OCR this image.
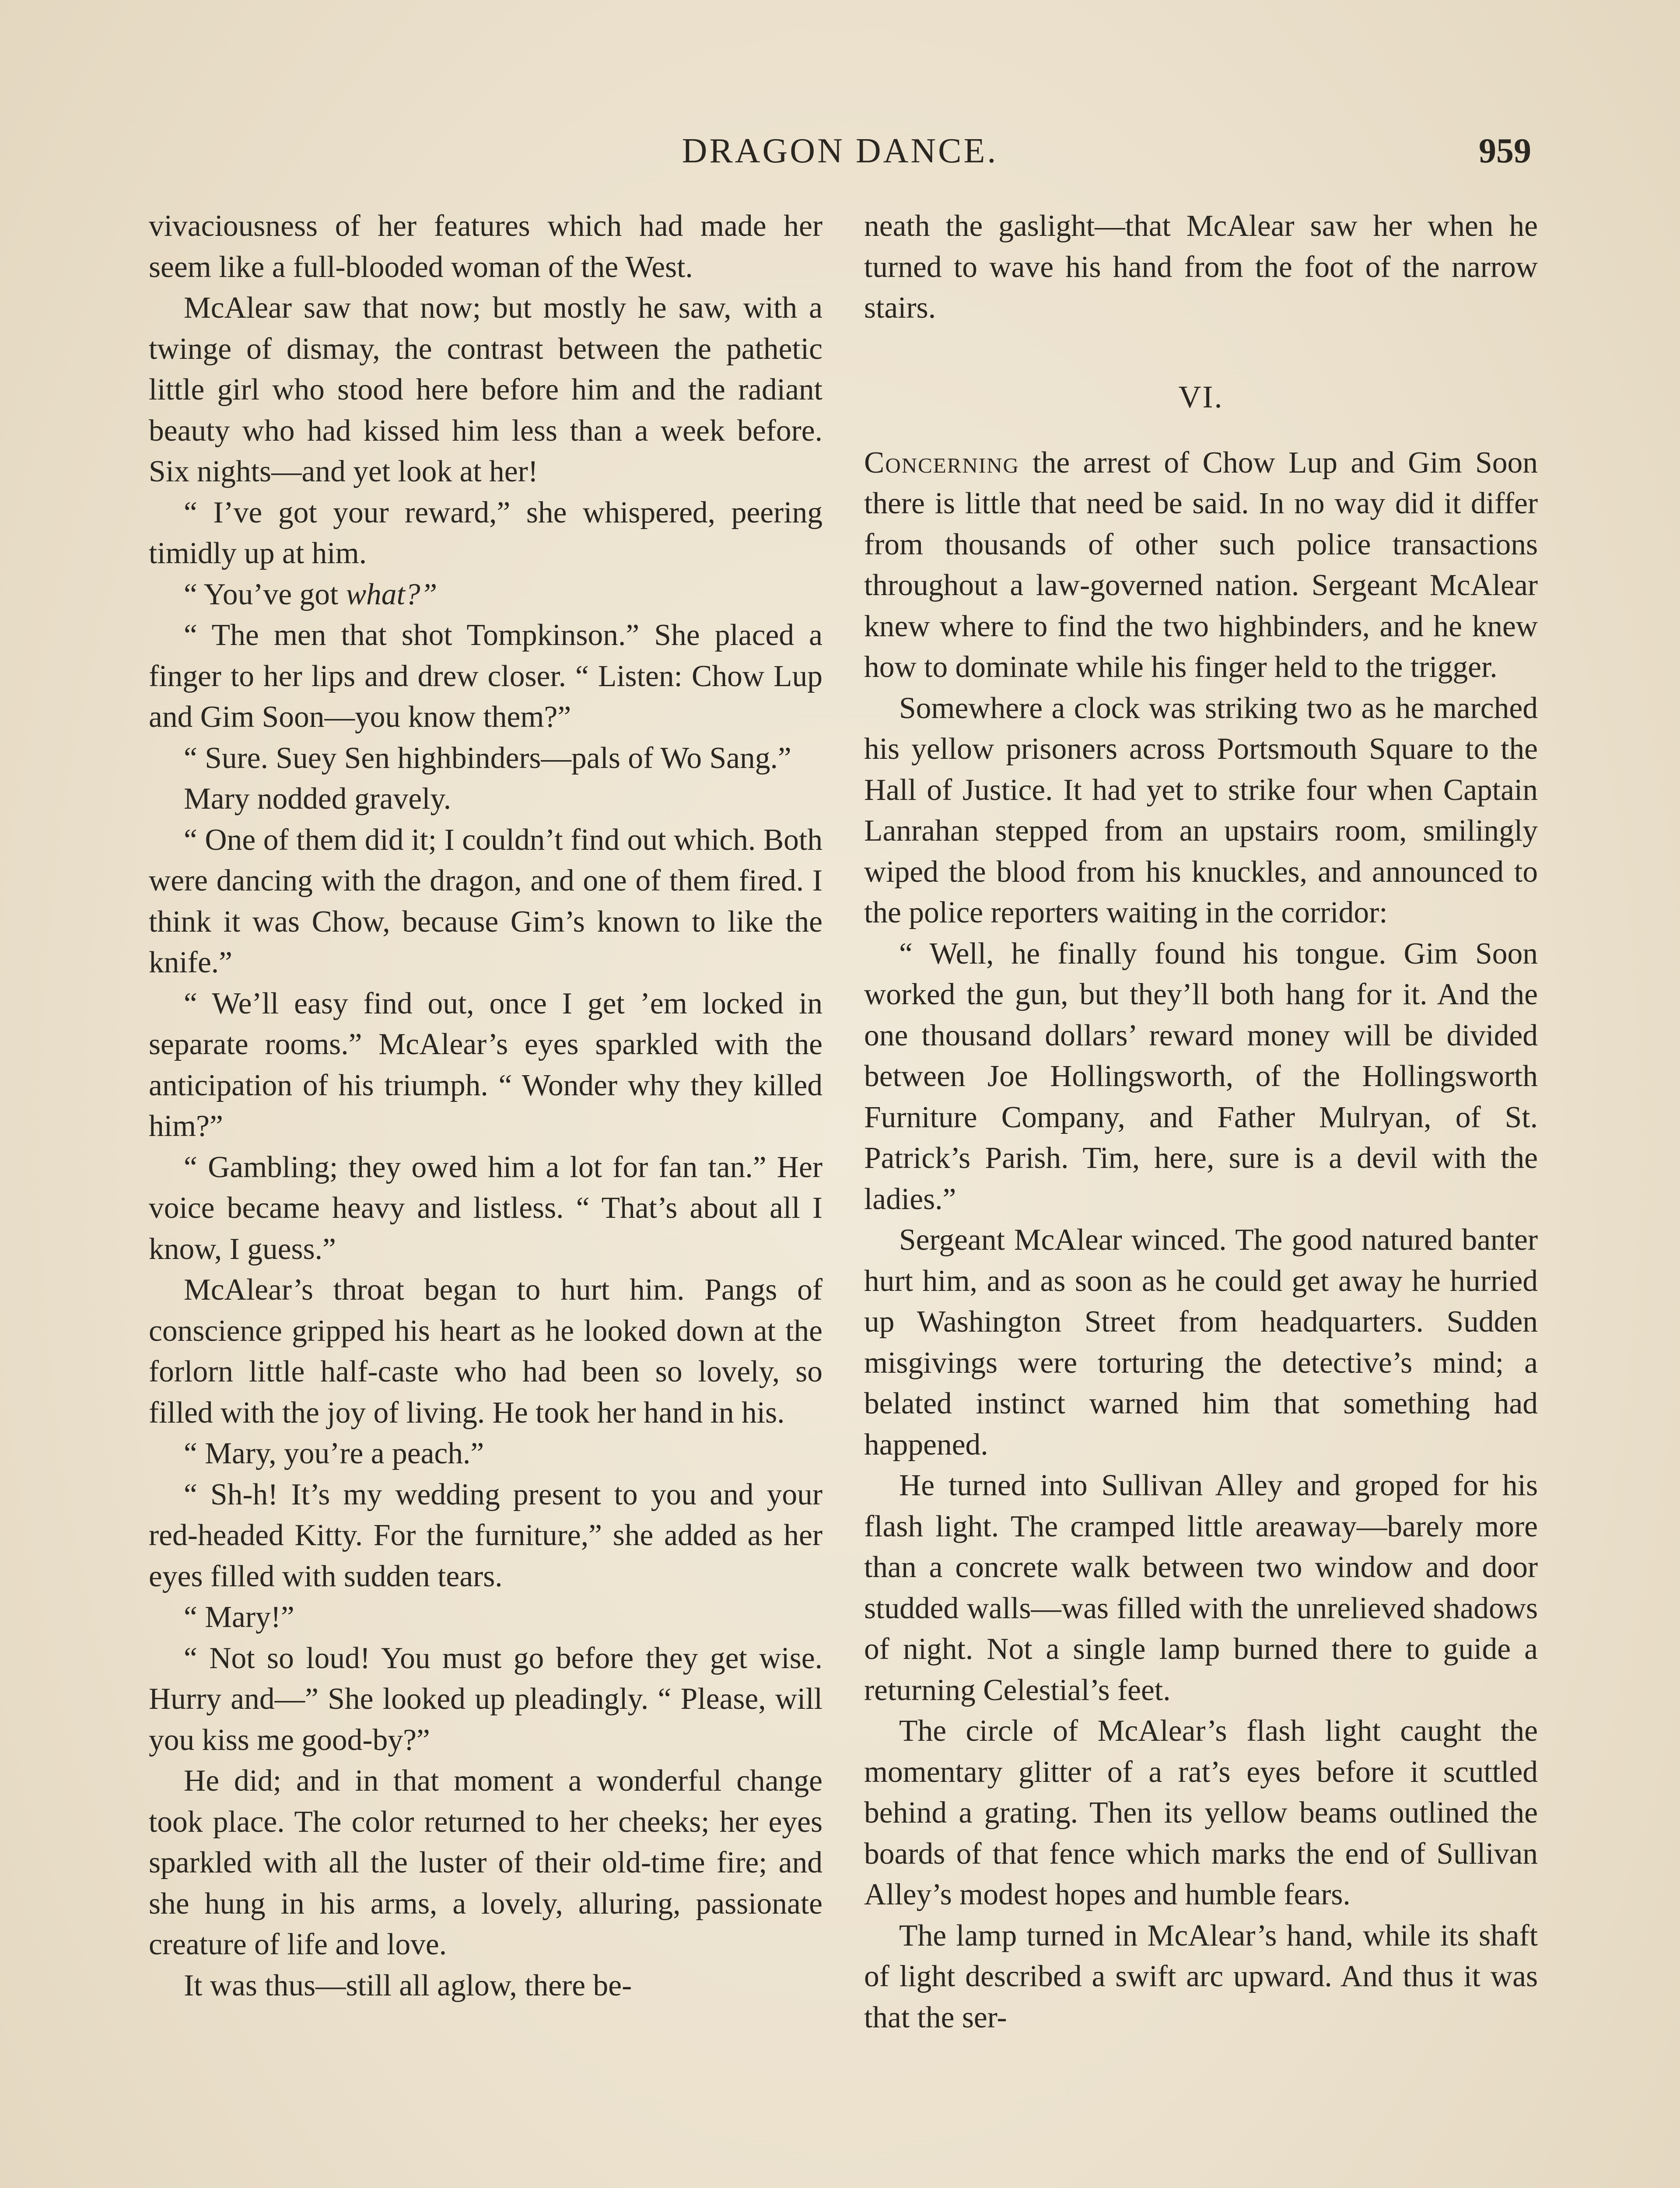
DRAGON DANCE.	959

vivaciousness of her features which had made her seem like a full-blooded woman of the West.

McAlear saw that now; but mostly he saw, with a twinge of dismay, the contrast between the pathetic little girl who stood here before him and the radiant beauty who had kissed him less than a week before. Six nights—and yet look at her!

“ I’ve got your reward,” she whispered, peering timidly up at him.

“ You’ve got what?”

“ The men that shot Tompkinson.” She placed a finger to her lips and drew closer. “ Listen: Chow Lup and Gim Soon—you know them?”

“ Sure. Suey Sen highbinders—pals of Wo Sang.”

Mary nodded gravely.

“ One of them did it; I couldn’t find out which. Both were dancing with the dragon, and one of them fired. I think it was Chow, because Gim’s known to like the knife.”

“ We’ll easy find out, once I get ’em locked in separate rooms.” McAlear’s eyes sparkled with the anticipation of his triumph. “ Wonder why they killed him?”

“ Gambling; they owed him a lot for fan tan.” Her voice became heavy and listless. “ That’s about all I know, I guess.”

McAlear’s throat began to hurt him. Pangs of conscience gripped his heart as he looked down at the forlorn little half-caste who had been so lovely, so filled with the joy of living. He took her hand in his.

“ Mary, you’re a peach.”

“ Sh-h! It’s my wedding present to you and your red-headed Kitty. For the furniture,” she added as her eyes filled with sudden tears.

“ Mary!”

“ Not so loud! You must go before they get wise. Hurry and—” She looked up pleadingly. “ Please, will you kiss me good-by?”

He did; and in that moment a wonderful change took place. The color returned to her cheeks; her eyes sparkled with all the luster of their old-time fire; and she hung in his arms, a lovely, alluring, passionate creature of life and love.

It was thus—still all aglow, there be-

neath the gaslight—that McAlear saw her when he turned to wave his hand from the foot of the narrow stairs.

VI.

Concerning the arrest of Chow Lup and Gim Soon there is little that need be said. In no way did it differ from thousands of other such police transactions throughout a law-governed nation. Sergeant McAlear knew where to find the two highbinders, and he knew how to dominate while his finger held to the trigger.

Somewhere a clock was striking two as he marched his yellow prisoners across Portsmouth Square to the Hall of Justice. It had yet to strike four when Captain Lanrahan stepped from an upstairs room, smilingly wiped the blood from his knuckles, and announced to the police reporters waiting in the corridor:

“ Well, he finally found his tongue. Gim Soon worked the gun, but they’ll both hang for it. And the one thousand dollars’ reward money will be divided between Joe Hollingsworth, of the Hollingsworth Furniture Company, and Father Mulryan, of St. Patrick’s Parish. Tim, here, sure is a devil with the ladies.”

Sergeant McAlear winced. The good natured banter hurt him, and as soon as he could get away he hurried up Washington Street from headquarters. Sudden misgivings were torturing the detective’s mind; a belated instinct warned him that something had happened.

He turned into Sullivan Alley and groped for his flash light. The cramped little areaway—barely more than a concrete walk between two window and door studded walls—was filled with the unrelieved shadows of night. Not a single lamp burned there to guide a returning Celestial’s feet.

The circle of McAlear’s flash light caught the momentary glitter of a rat’s eyes before it scuttled behind a grating. Then its yellow beams outlined the boards of that fence which marks the end of Sullivan Alley’s modest hopes and humble fears.

The lamp turned in McAlear’s hand, while its shaft of light described a swift arc upward. And thus it was that the ser-
